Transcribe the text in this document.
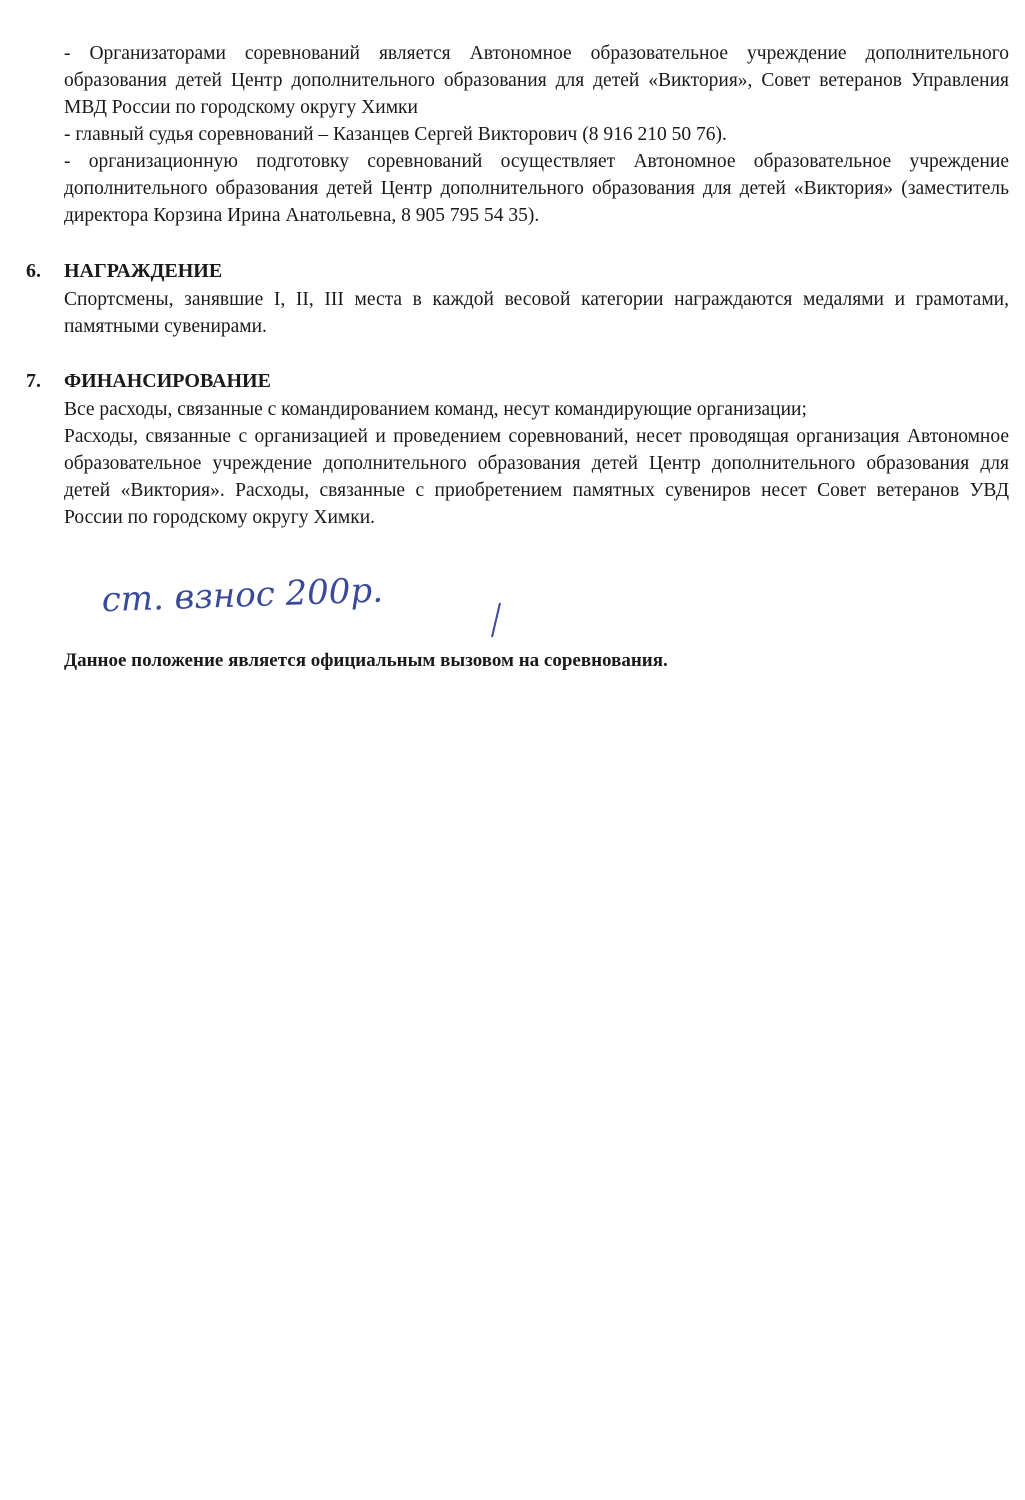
- Организаторами соревнований является Автономное образовательное учреждение дополнительного образования детей Центр дополнительного образования для детей «Виктория», Совет ветеранов Управления МВД России по городскому округу Химки

- главный судья соревнований – Казанцев Сергей Викторович (8 916 210 50 76).

- организационную подготовку соревнований осуществляет Автономное образовательное учреждение дополнительного образования детей Центр дополнительного образования для детей «Виктория» (заместитель директора Корзина Ирина Анатольевна, 8 905 795 54 35).

6. НАГРАЖДЕНИЕ

Спортсмены, занявшие I, II, III места в каждой весовой категории награждаются медалями и грамотами, памятными сувенирами.

7. ФИНАНСИРОВАНИЕ

Все расходы, связанные с командированием команд, несут командирующие организации;

Расходы, связанные с организацией и проведением соревнований, несет проводящая организация Автономное образовательное учреждение дополнительного образования детей Центр дополнительного образования для детей «Виктория». Расходы, связанные с приобретением памятных сувениров несет Совет ветеранов УВД России по городскому округу Химки.

ст. взнос 200р.
Данное положение является официальным вызовом на соревнования.
